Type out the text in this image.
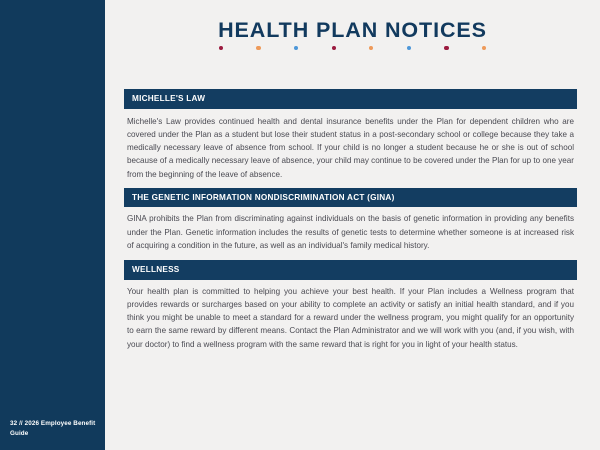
32 // 2026 Employee Benefit Guide
HEALTH PLAN NOTICES
MICHELLE'S LAW
Michelle's Law provides continued health and dental insurance benefits under the Plan for dependent children who are covered under the Plan as a student but lose their student status in a post-secondary school or college because they take a medically necessary leave of absence from school. If your child is no longer a student because he or she is out of school because of a medically necessary leave of absence, your child may continue to be covered under the Plan for up to one year from the beginning of the leave of absence.
THE GENETIC INFORMATION NONDISCRIMINATION ACT (GINA)
GINA prohibits the Plan from discriminating against individuals on the basis of genetic information in providing any benefits under the Plan. Genetic information includes the results of genetic tests to determine whether someone is at increased risk of acquiring a condition in the future, as well as an individual's family medical history.
WELLNESS
Your health plan is committed to helping you achieve your best health. If your Plan includes a Wellness program that provides rewards or surcharges based on your ability to complete an activity or satisfy an initial health standard, and if you think you might be unable to meet a standard for a reward under the wellness program, you might qualify for an opportunity to earn the same reward by different means. Contact the Plan Administrator and we will work with you (and, if you wish, with your doctor) to find a wellness program with the same reward that is right for you in light of your health status.
